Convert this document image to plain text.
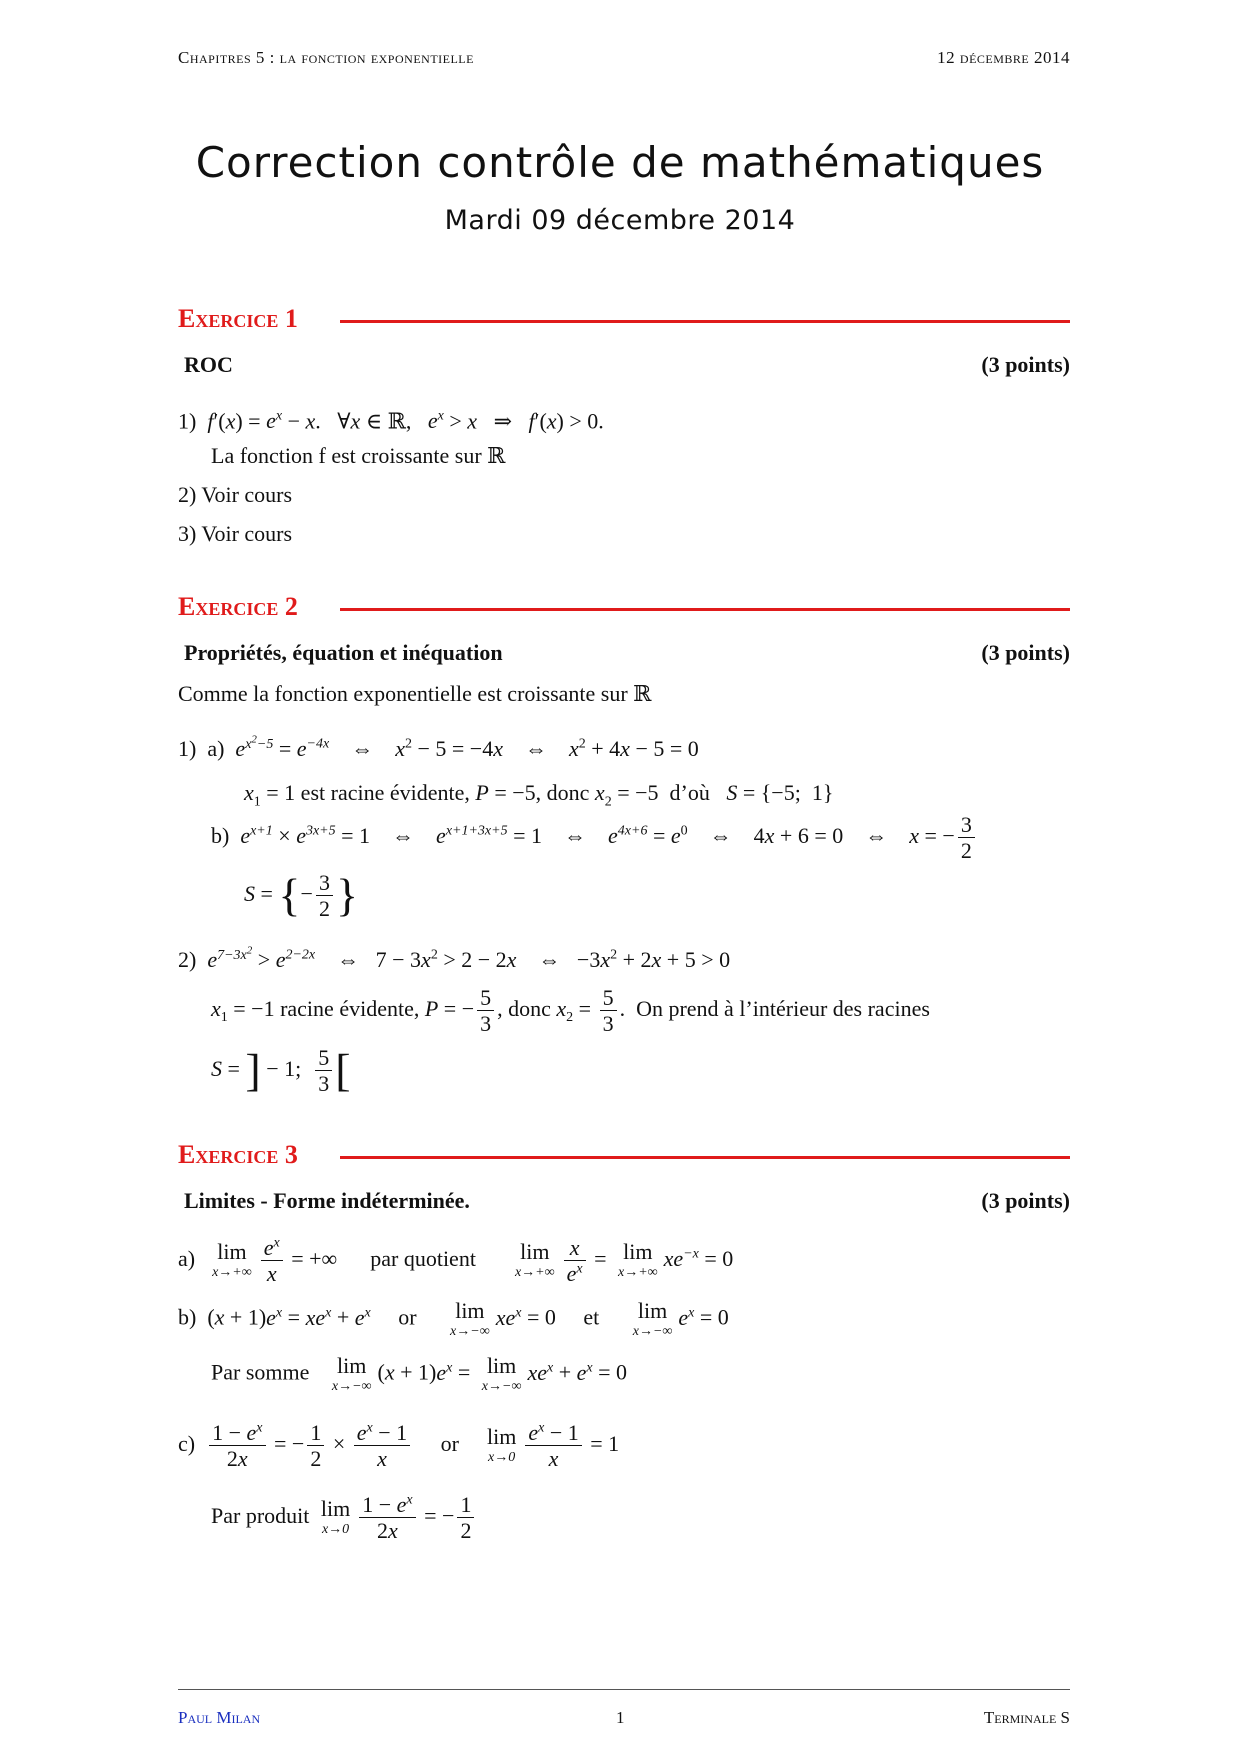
Chapitres 5 : la fonction exponentielle	12 décembre 2014
Correction contrôle de mathématiques
Mardi 09 décembre 2014
Exercice 1
ROC	(3 points)
1)  $f'(x) = e^x - x$.   ∀x ∈ ℝ,   $e^x > x$   ⇒   f′(x) > 0.
La fonction f est croissante sur ℝ
2) Voir cours
3) Voir cours
Exercice 2
Propriétés, équation et inéquation	(3 points)
Comme la fonction exponentielle est croissante sur ℝ
1)  a)  $e^{x^2-5} = e^{-4x}$    ⇔    $x^2 - 5 = -4x$    ⇔    $x^2 + 4x - 5 = 0$
$x_1 = 1$ est racine évidente, P = −5, donc $x_2 = -5$  d’où   S = {−5;  1}
b)  $e^{x+1} \times e^{3x+5} = 1$    ⇔    $e^{x+1+3x+5} = 1$    ⇔    $e^{4x+6} = e^0$    ⇔    4x + 6 = 0    ⇔    x = − $\frac{3}{2}$
S = {− $\frac{3}{2}$ }
2)  $e^{7-3x^2} > e^{2-2x}$    ⇔   $7 - 3x^2 > 2 - 2x$    ⇔   $-3x^2 + 2x + 5 > 0$
$x_1 = -1$ racine évidente, P = − $\frac{5}{3}$ , donc $x_2 = \frac{5}{3}$ .  On prend à l’intérieur des racines
S = ] − 1; $\frac{5}{3}$ [
Exercice 3
Limites - Forme indéterminée.	(3 points)
a) lim
$x\to+\infty \frac{e^x}{x}$ = +∞      par quotient lim
$x\to+\infty \frac{x}{e^x} = \lim$
x→+∞
$xe^{-x} = 0$
b)  $(x + 1)e^x = xe^x + e^x$     or lim
x→−∞
$xe^x = 0$     et lim
x→−∞
$e^x = 0$
Par somme lim
x→−∞
$(x + 1)e^x = \lim$
x→−∞
$xe^x + e^x = 0$
$c) \frac{1 - e^x}{2x}$ = − $\frac{1}{2} \times \frac{e^x - 1}{x}$ or lim
$x\to 0 \frac{e^x - 1}{x} = 1$
Par produit lim
$x\to 0 \frac{1 - e^x}{2x}$ = − $\frac{1}{2}$
Paul Milan	1	Terminale S
